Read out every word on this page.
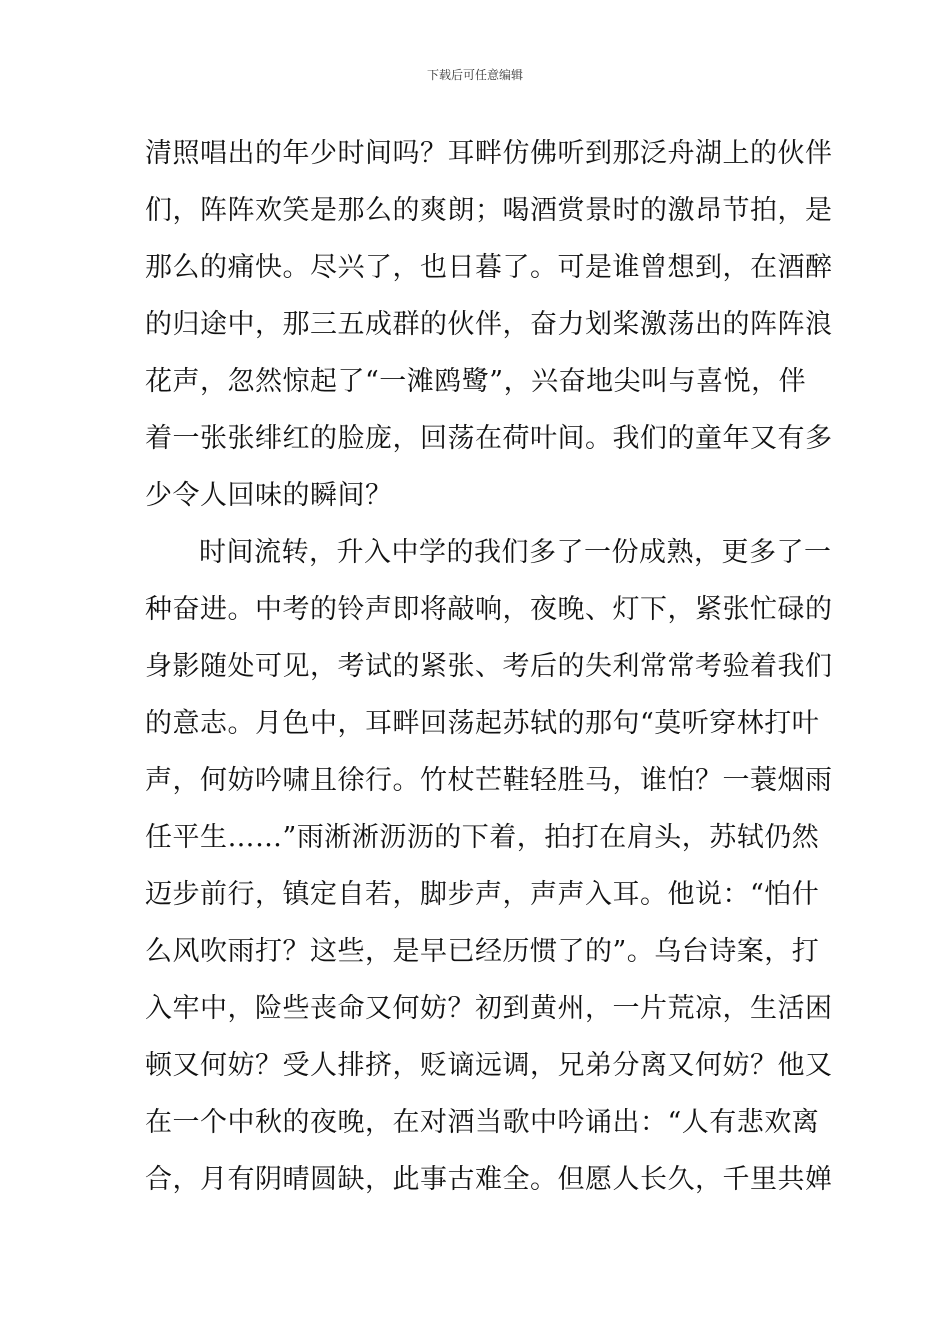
下载后可任意编辑
清照唱出的年少时间吗？耳畔仿佛听到那泛舟湖上的伙伴
们，阵阵欢笑是那么的爽朗；喝酒赏景时的激昂节拍，是
那么的痛快。尽兴了，也日暮了。可是谁曾想到，在酒醉
的归途中，那三五成群的伙伴，奋力划桨激荡出的阵阵浪
花声，忽然惊起了“一滩鸥鹭”，兴奋地尖叫与喜悦，伴
着一张张绯红的脸庞，回荡在荷叶间。我们的童年又有多
少令人回味的瞬间？
时间流转，升入中学的我们多了一份成熟，更多了一
种奋进。中考的铃声即将敲响，夜晚、灯下，紧张忙碌的
身影随处可见，考试的紧张、考后的失利常常考验着我们
的意志。月色中，耳畔回荡起苏轼的那句“莫听穿林打叶
声，何妨吟啸且徐行。竹杖芒鞋轻胜马，谁怕？一蓑烟雨
任平生……”雨淅淅沥沥的下着，拍打在肩头，苏轼仍然
迈步前行，镇定自若，脚步声，声声入耳。他说：“怕什
么风吹雨打？这些，是早已经历惯了的”。乌台诗案，打
入牢中，险些丧命又何妨？初到黄州，一片荒凉，生活困
顿又何妨？受人排挤，贬谪远调，兄弟分离又何妨？他又
在一个中秋的夜晚，在对酒当歌中吟诵出：“人有悲欢离
合，月有阴晴圆缺，此事古难全。但愿人长久，千里共婵
